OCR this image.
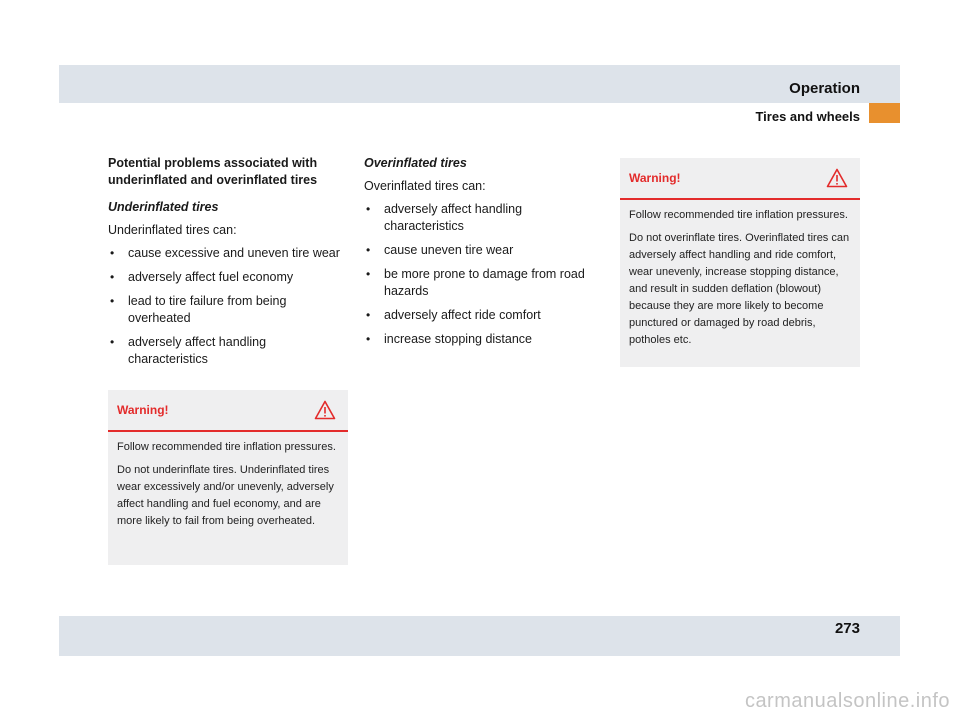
Operation
Tires and wheels

Potential problems associated with underinflated and overinflated tires

Underinflated tires

Underinflated tires can:

• cause excessive and uneven tire wear
• adversely affect fuel economy
• lead to tire failure from being overheated
• adversely affect handling characteristics

Overinflated tires

Overinflated tires can:

• adversely affect handling characteristics
• cause uneven tire wear
• be more prone to damage from road hazards
• adversely affect ride comfort
• increase stopping distance
Warning!

Follow recommended tire inflation pressures.

Do not underinflate tires. Underinflated tires wear excessively and/or unevenly, adversely affect handling and fuel economy, and are more likely to fail from being overheated.

Warning!

Follow recommended tire inflation pressures.

Do not overinflate tires. Overinflated tires can adversely affect handling and ride comfort, wear unevenly, increase stopping distance, and result in sudden deflation (blowout) because they are more likely to become punctured or damaged by road debris, potholes etc.

273
carmanualsonline.info
